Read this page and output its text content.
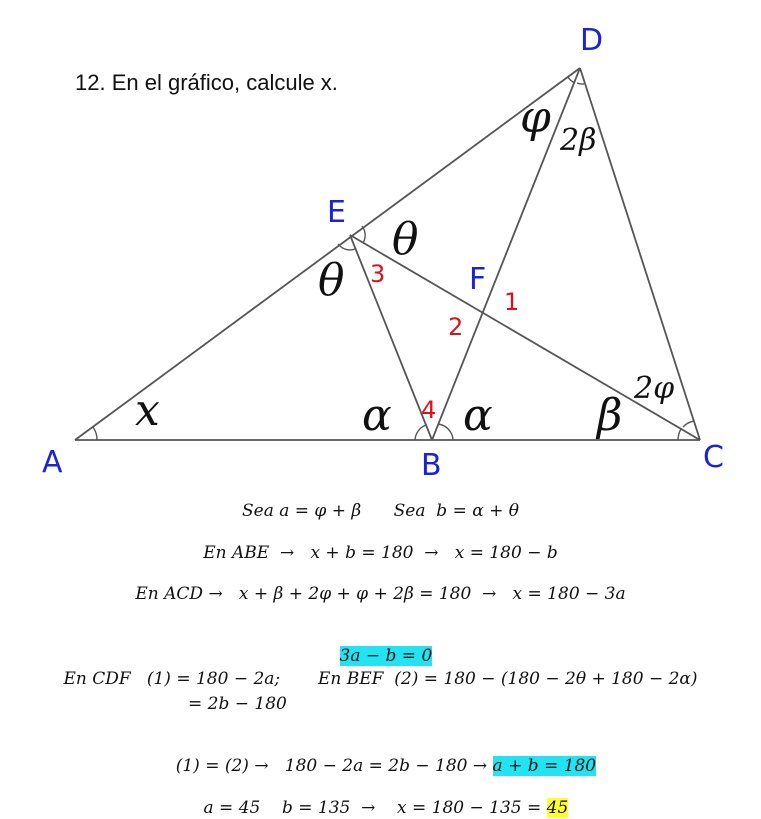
12. En el gráfico, calcule x.
A	B	C
D
E
F
x	α α β
2φ
φ 2β
θ
θ
1
2
3
4
Sea a = φ + β      Sea  b = α + θ
En ABE  →   x + b = 180  →   x = 180 − b
En ACD →   x + β + 2φ + φ + 2β = 180  →   x = 180 − 3a

3a − b = 0

En CDF   (1) = 180 − 2a;       En BEF  (2) = 180 − (180 − 2θ + 180 − 2α)
= 2b − 180

(1) = (2) →   180 − 2a = 2b − 180 → a + b = 180

a = 45    b = 135  →    x = 180 − 135 = 45
